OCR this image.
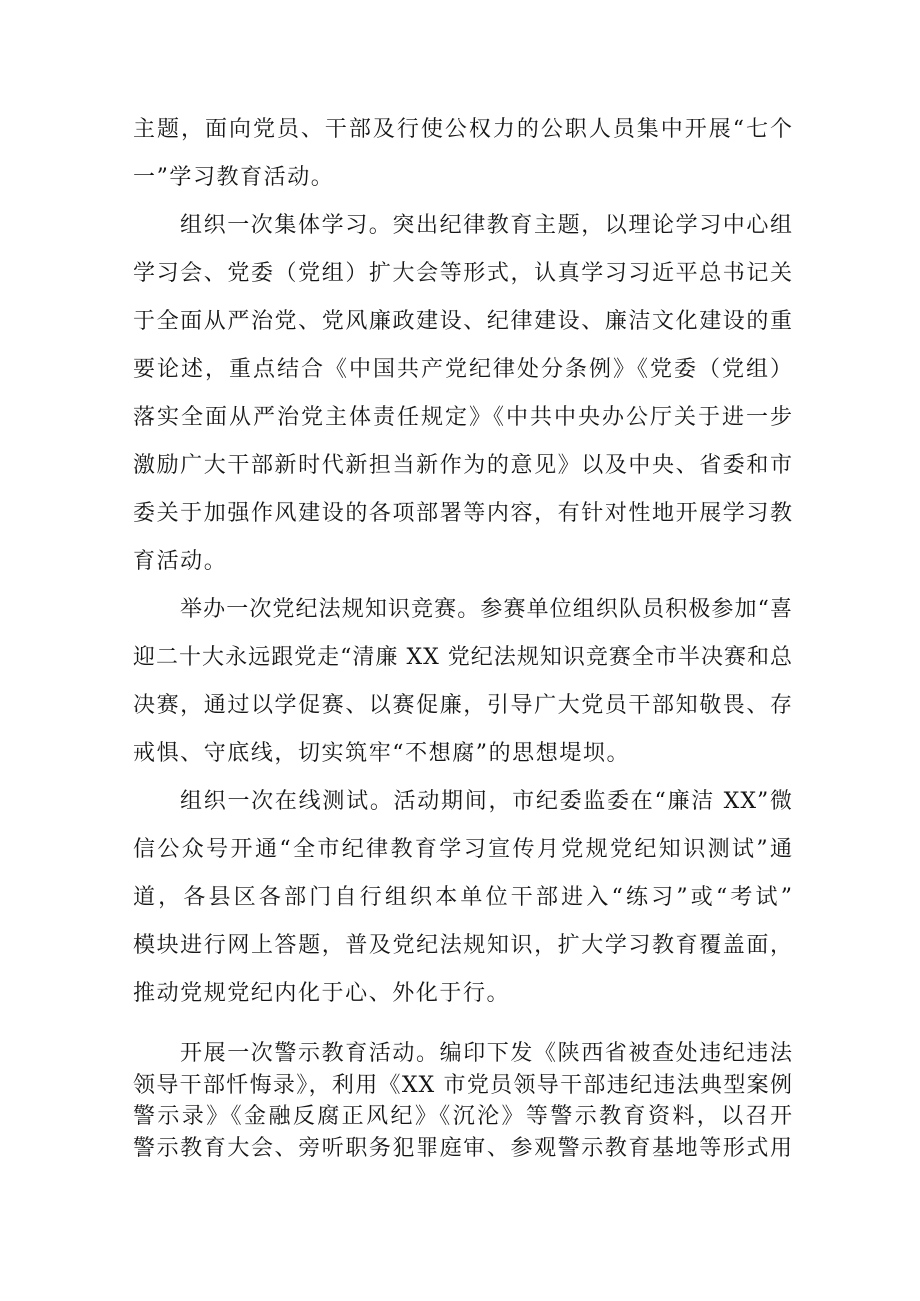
主题，面向党员、干部及行使公权力的公职人员集中开展“七个
一”学习教育活动。
组织一次集体学习。突出纪律教育主题，以理论学习中心组
学习会、党委（党组）扩大会等形式，认真学习习近平总书记关
于全面从严治党、党风廉政建设、纪律建设、廉洁文化建设的重
要论述，重点结合《中国共产党纪律处分条例》《党委（党组）
落实全面从严治党主体责任规定》《中共中央办公厅关于进一步
激励广大干部新时代新担当新作为的意见》以及中央、省委和市
委关于加强作风建设的各项部署等内容，有针对性地开展学习教
育活动。
举办一次党纪法规知识竞赛。参赛单位组织队员积极参加“喜
迎二十大永远跟党走“清廉 XX 党纪法规知识竞赛全市半决赛和总
决赛，通过以学促赛、以赛促廉，引导广大党员干部知敬畏、存
戒惧、守底线，切实筑牢“不想腐”的思想堤坝。
组织一次在线测试。活动期间，市纪委监委在“廉洁 XX”微
信公众号开通“全市纪律教育学习宣传月党规党纪知识测试”通
道，各县区各部门自行组织本单位干部进入“练习”或“考试”
模块进行网上答题，普及党纪法规知识，扩大学习教育覆盖面，
推动党规党纪内化于心、外化于行。
开展一次警示教育活动。编印下发《陕西省被查处违纪违法
领导干部忏悔录》，利用《XX 市党员领导干部违纪违法典型案例
警示录》《金融反腐正风纪》《沉沦》等警示教育资料，以召开
警示教育大会、旁听职务犯罪庭审、参观警示教育基地等形式用
